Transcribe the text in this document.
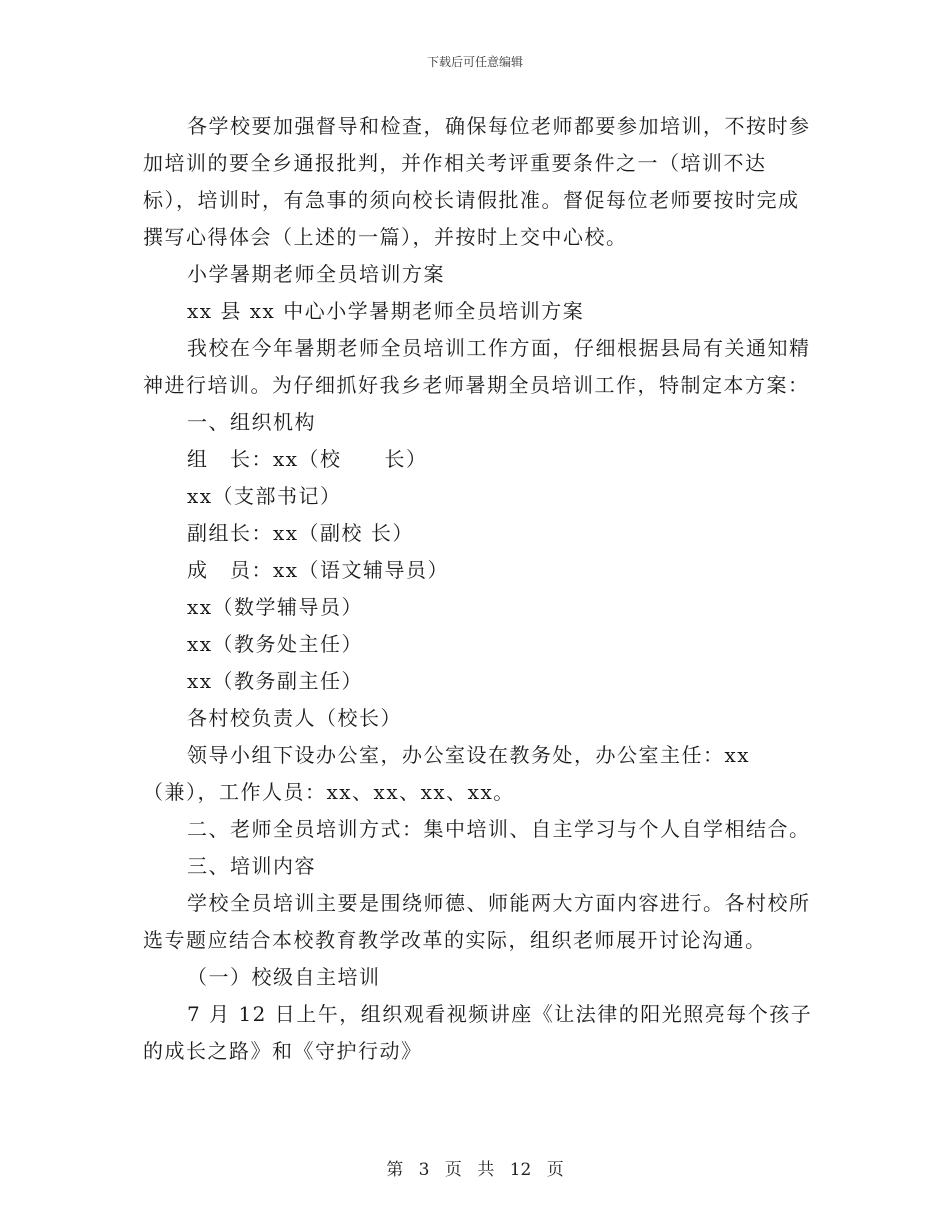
下载后可任意编辑

各学校要加强督导和检查，确保每位老师都要参加培训，不按时参加培训的要全乡通报批判，并作相关考评重要条件之一（培训不达标），培训时，有急事的须向校长请假批准。督促每位老师要按时完成撰写心得体会（上述的一篇），并按时上交中心校。

小学暑期老师全员培训方案

xx 县 xx 中心小学暑期老师全员培训方案

我校在今年暑期老师全员培训工作方面，仔细根据县局有关通知精神进行培训。为仔细抓好我乡老师暑期全员培训工作，特制定本方案：

一、组织机构

组　长：xx（校　　长）

xx（支部书记）

副组长：xx（副校 长）

成　员：xx（语文辅导员）

xx（数学辅导员）

xx（教务处主任）

xx（教务副主任）

各村校负责人（校长）

领导小组下设办公室，办公室设在教务处，办公室主任：xx（兼），工作人员：xx、xx、xx、xx。

二、老师全员培训方式：集中培训、自主学习与个人自学相结合。

三、培训内容

学校全员培训主要是围绕师德、师能两大方面内容进行。各村校所选专题应结合本校教育教学改革的实际，组织老师展开讨论沟通。

（一）校级自主培训

7 月 12 日上午，组织观看视频讲座《让法律的阳光照亮每个孩子的成长之路》和《守护行动》

第 3 页 共 12 页
